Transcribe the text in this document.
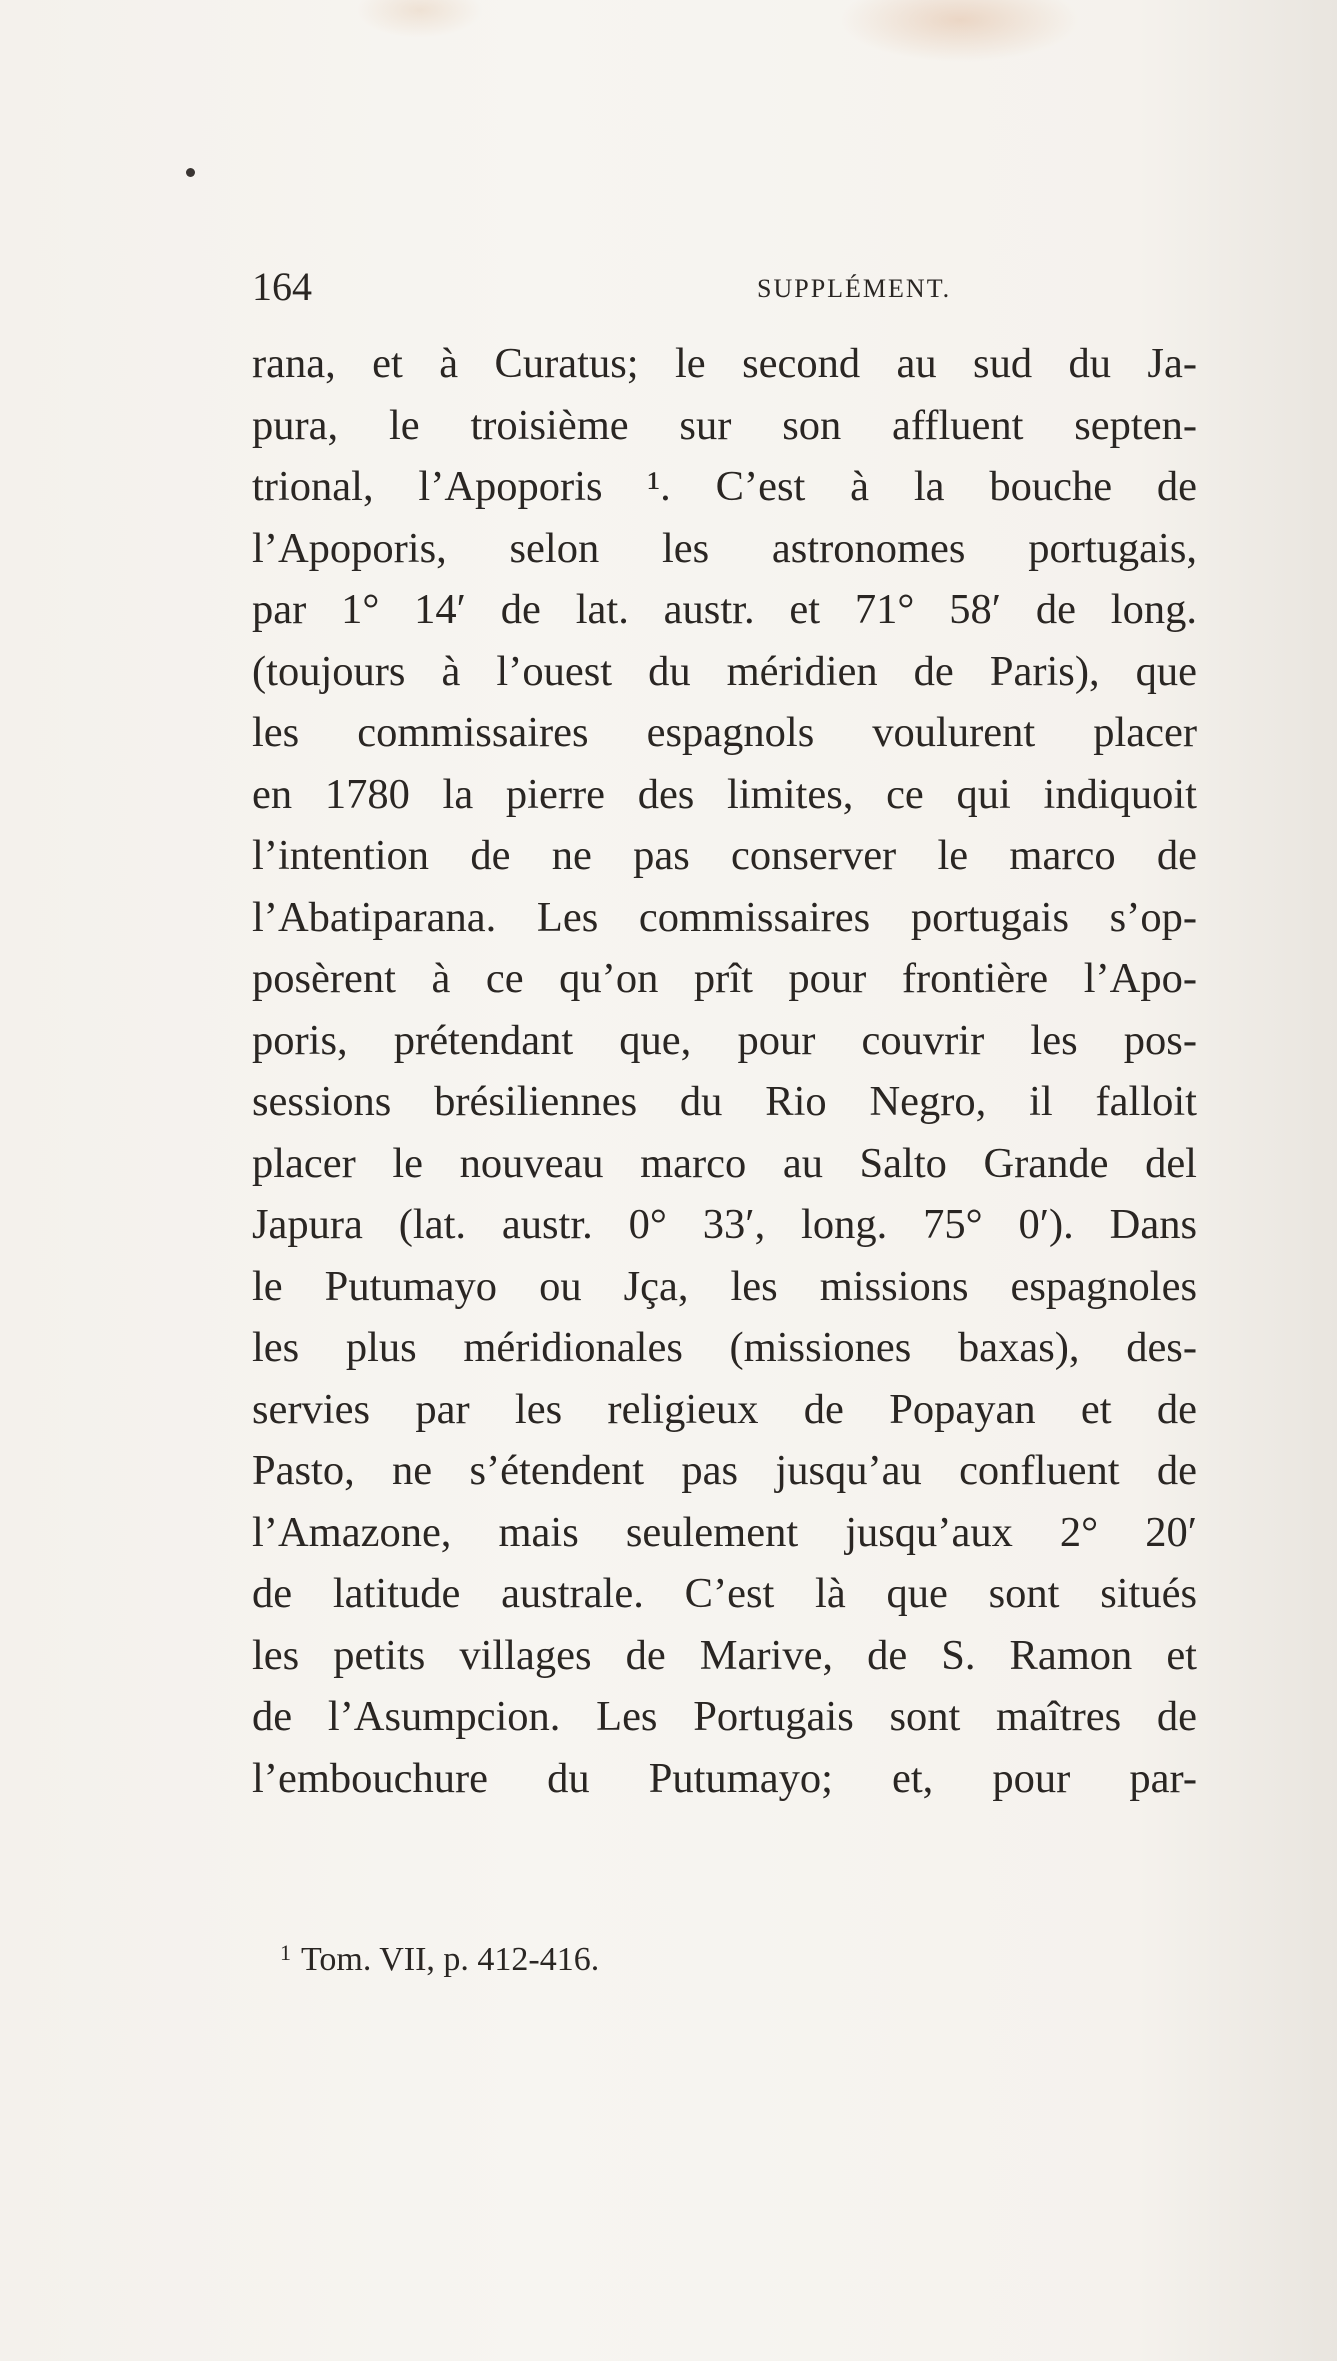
164	SUPPLÉMENT.
rana, et à Curatus; le second au sud du Ja-
pura, le troisième sur son affluent septen-
trional, l’Apoporis ¹. C’est à la bouche de
l’Apoporis, selon les astronomes portugais,
par 1° 14′ de lat. austr. et 71° 58′ de long.
(toujours à l’ouest du méridien de Paris), que
les commissaires espagnols voulurent placer
en 1780 la pierre des limites, ce qui indiquoit
l’intention de ne pas conserver le marco de
l’Abatiparana. Les commissaires portugais s’op-
posèrent à ce qu’on prît pour frontière l’Apo-
poris, prétendant que, pour couvrir les pos-
sessions brésiliennes du Rio Negro, il falloit
placer le nouveau marco au Salto Grande del
Japura (lat. austr. 0° 33′, long. 75° 0′). Dans
le Putumayo ou Jça, les missions espagnoles
les plus méridionales (missiones baxas), des-
servies par les religieux de Popayan et de
Pasto, ne s’étendent pas jusqu’au confluent de
l’Amazone, mais seulement jusqu’aux 2° 20′
de latitude australe. C’est là que sont situés
les petits villages de Marive, de S. Ramon et
de l’Asumpcion. Les Portugais sont maîtres de
l’embouchure du Putumayo; et, pour par-
$^1$ Tom. VII, p. 412-416.
